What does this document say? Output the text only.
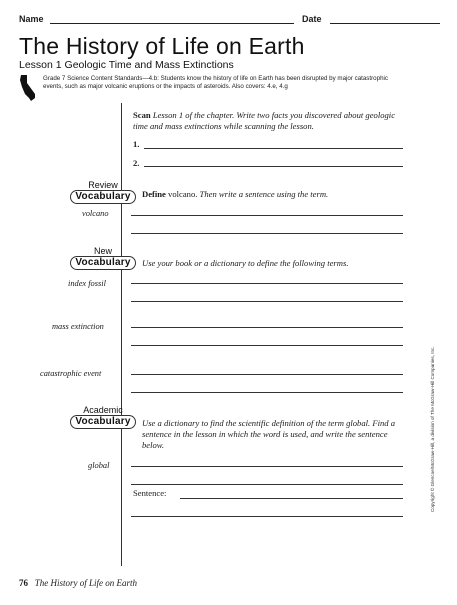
Name	Date
The History of Life on Earth
Lesson 1 Geologic Time and Mass Extinctions
Grade 7 Science Content Standards—4.b: Students know the history of life on Earth has been disrupted by major catastrophic events, such as major volcanic eruptions or the impacts of asteroids. Also covers: 4.e, 4.g
Scan Lesson 1 of the chapter. Write two facts you discovered about geologic time and mass extinctions while scanning the lesson.
1.
2.
Review
Vocabulary	Define volcano. Then write a sentence using the term.
volcano
New
Vocabulary	Use your book or a dictionary to define the following terms.
index fossil
mass extinction
catastrophic event
Academic
Vocabulary	Use a dictionary to find the scientific definition of the term global. Find a sentence in the lesson in which the word is used, and write the sentence below.
global
Sentence:	Copyright © Glencoe/McGraw-Hill, a division of The McGraw-Hill Companies, Inc.
76 The History of Life on Earth
